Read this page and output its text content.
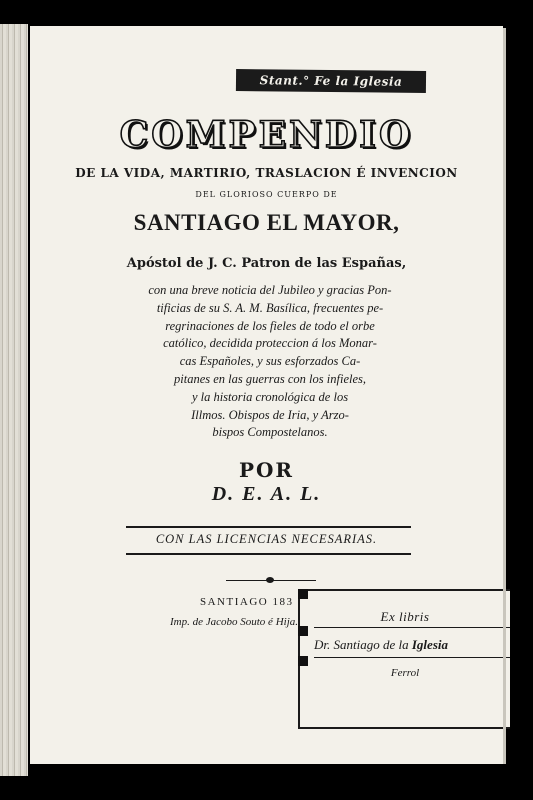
Stant.° Fe la Iglesia
COMPENDIO
DE LA VIDA, MARTIRIO, TRASLACION É INVENCION
DEL GLORIOSO CUERPO DE
SANTIAGO EL MAYOR,
Apóstol de J. C. Patron de las Españas,
con una breve noticia del Jubileo y gracias Pon-
tificias de su S. A. M. Basílica, frecuentes pe-
regrinaciones de los fieles de todo el orbe
católico, decidida proteccion á los Monar-
cas Españoles, y sus esforzados Ca-
pitanes en las guerras con los infieles,
y la historia cronológica de los
Illmos. Obispos de Iria, y Arzo-
bispos Compostelanos.
POR
D. E. A. L.
CON LAS LICENCIAS NECESARIAS.
SANTIAGO 183
Imp. de Jacobo Souto é Hija.	Ex libris
Dr. Santiago de la Iglesia
Ferrol
